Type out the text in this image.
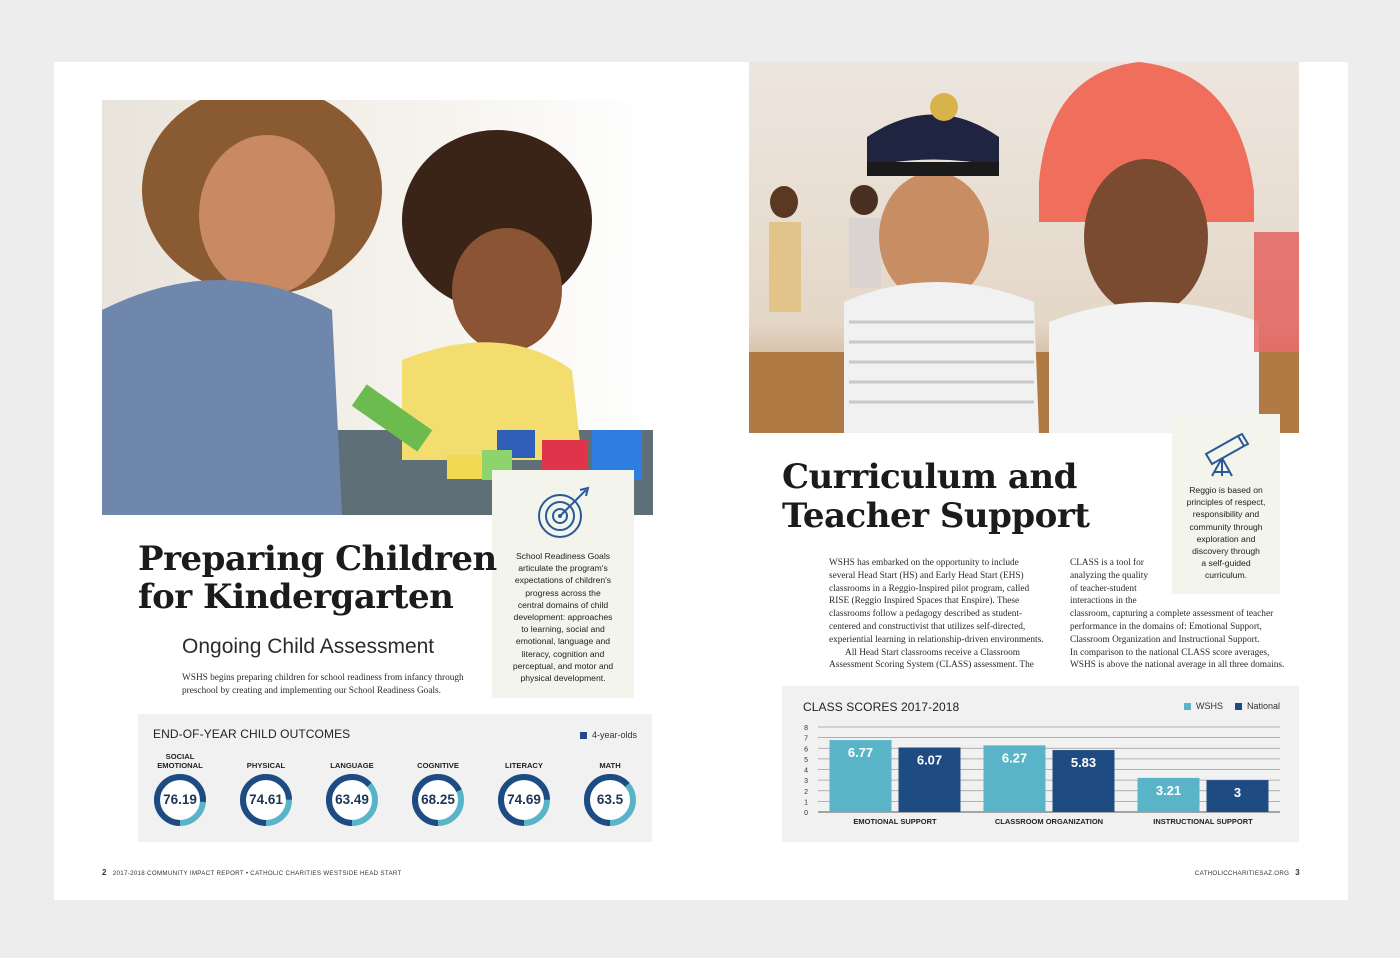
School Readiness Goals
articulate the program's
expectations of children's
progress across the
central domains of child
development: approaches
to learning, social and
emotional, language and
literacy, cognition and
perceptual, and motor and
physical development.
Preparing Children
for Kindergarten
Ongoing Child Assessment
WSHS begins preparing children for school readiness from infancy through
preschool by creating and implementing our School Readiness Goals.
END-OF-YEAR CHILD OUTCOMES	4-year-olds
SOCIAL
EMOTIONAL
76.19
PHYSICAL
74.61
LANGUAGE
63.49
COGNITIVE
68.25
LITERACY
74.69
MATH
63.5
Reggio is based on
principles of respect,
responsibility and
community through
exploration and
discovery through
a self-guided
curriculum.
Curriculum and
Teacher Support
WSHS has embarked on the opportunity to include
several Head Start (HS) and Early Head Start (EHS)
classrooms in a Reggio-Inspired pilot program, called
RISE (Reggio Inspired Spaces that Enspire). These
classrooms follow a pedagogy described as student-
centered and constructivist that utilizes self-directed,
experiential learning in relationship-driven environments.
All Head Start classrooms receive a Classroom
Assessment Scoring System (CLASS) assessment. The
CLASS is a tool for
analyzing the quality
of teacher-student
interactions in the
classroom, capturing a complete assessment of teacher
performance in the domains of: Emotional Support,
Classroom Organization and Instructional Support.
In comparison to the national CLASS score averages,
WSHS is above the national average in all three domains.
CLASS SCORES 2017-2018	WSHS	National
0
1
2
3
4
5
6
7
8
6.77	6.07
EMOTIONAL SUPPORT
6.27	5.83
CLASSROOM ORGANIZATION
3.21	3
INSTRUCTIONAL SUPPORT
2 2017-2018 COMMUNITY IMPACT REPORT • CATHOLIC CHARITIES WESTSIDE HEAD START	CATHOLICCHARITIESAZ.ORG 3
